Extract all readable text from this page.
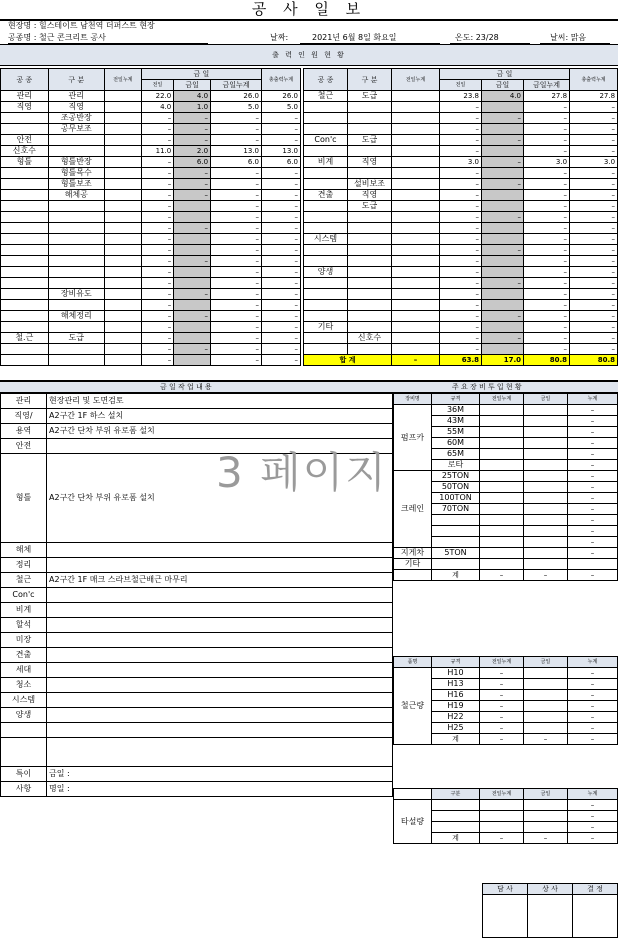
공 사 일 보
현장명 : 힐스테이트 남천역 더퍼스트 현장
공종명 : 철근 콘크리트 공사	날짜:	2021년 6월 8일 화요일	온도: 23/28	날씨: 맑음
출 력 인 원 현 황
공 종	구 분	전일누계	금 일			총출력누계
			전일	금일	금일누계	
관리	관리		22.0	4.0	26.0	26.0
직영	직영		4.0	1.0	5.0	5.0
	조공반장		–	–	–	–
	공무보조		–	–	–	–
안전			–	–	–	–
신호수			11.0	2.0	13.0	13.0
형틀	형틀반장		–	6.0	6.0	6.0
	형틀목수		–	–	–	–
	형틀보조		–	–	–	–
	해체공		–	–	–	–
			–		–	–
			–		–	–
			–	–	–	–
			–		–	–
			–		–	–
			–	–	–	–
			–		–	–
			–		–	–
	장비유도		–	–	–	–
			–		–	–
	해체정리		–	–	–	–
			–		–	–
철.근	도급		–		–	–
			–	–	–	–
			–		–	–
공 종	구 분	전일누계	금 일			총출력누계
			전일	금일	금일누계	
철근	도급		23.8	4.0	27.8	27.8
			–		–	–
			–	–	–	–
			–		–	–
Con'c	도급		–	–	–	–
			–		–	–
비계	직영		3.0	–	3.0	3.0
			–		–	–
	설비보조		–	–	–	–
견출	직영		–		–	–
	도급		–		–	–
			–	–	–	–
			–		–	–
시스템			–		–	–
			–	–	–	–
			–		–	–
양생			–		–	–
			–	–	–	–
			–		–	–
			–		–	–
			–	–	–	–
기타			–		–	–
	신호수		–	–	–	–
			–		–	–
합 계		–	63.8	17.0	80.8	80.8
금 일 작 업 내 용	주 요 장 비 투 입 현 황
관리	현장관리 및 도면검토
직영/	A2구간 1F 하스 설치
용역	A2구간 단차 부위 유로폼 설치
안전	
형틀	A2구간 단차 부위 유로폼 설치
해체	
정리	
철근	A2구간 1F 매크 스라브철근배근 마무리
Con'c	
비계	
할석	
미장	
견출	
세대	
청소	
시스템	
양생	

특이	금일 :
사항	명일 :
장비명	규격	전일누계	금일	누계
펌프카	36M			–
	43M			–
	55M			–
	60M			–
	65M			–
	로타			–
크레인	25TON			–
	50TON			–
	100TON			–
	70TON			–
				–
				–
				–
지게차	5TON			–
기타				
	계	–	–	–
품명	규격	전일누계	금일	누계
철근량	H10	–		–
	H13	–		–
	H16	–		–
	H19	–		–
	H22	–		–
	H25	–		–
	계	–	–	–
	구분	전일누계	금일	누계
타설량				–
				–
				–
	계	–	–	–
담 사	상 사	결 정

3 페이지
